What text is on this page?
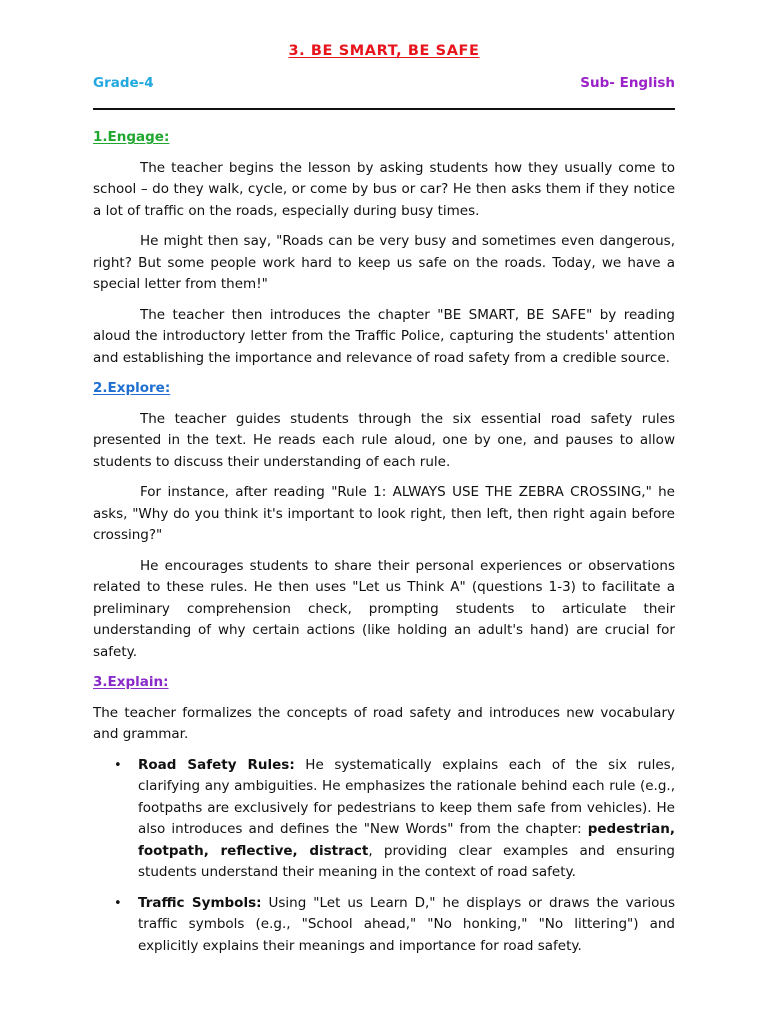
3. BE SMART, BE SAFE
Grade-4	Sub- English
1.Engage:

The teacher begins the lesson by asking students how they usually come to school – do they walk, cycle, or come by bus or car? He then asks them if they notice a lot of traffic on the roads, especially during busy times.

He might then say, "Roads can be very busy and sometimes even dangerous, right? But some people work hard to keep us safe on the roads. Today, we have a special letter from them!"

The teacher then introduces the chapter "BE SMART, BE SAFE" by reading aloud the introductory letter from the Traffic Police, capturing the students' attention and establishing the importance and relevance of road safety from a credible source.

2.Explore:

The teacher guides students through the six essential road safety rules presented in the text. He reads each rule aloud, one by one, and pauses to allow students to discuss their understanding of each rule.

For instance, after reading "Rule 1: ALWAYS USE THE ZEBRA CROSSING," he asks, "Why do you think it's important to look right, then left, then right again before crossing?"

He encourages students to share their personal experiences or observations related to these rules. He then uses "Let us Think A" (questions 1-3) to facilitate a preliminary comprehension check, prompting students to articulate their understanding of why certain actions (like holding an adult's hand) are crucial for safety.

3.Explain:

The teacher formalizes the concepts of road safety and introduces new vocabulary and grammar.

• Road Safety Rules: He systematically explains each of the six rules, clarifying any ambiguities. He emphasizes the rationale behind each rule (e.g., footpaths are exclusively for pedestrians to keep them safe from vehicles). He also introduces and defines the "New Words" from the chapter: pedestrian, footpath, reflective, distract, providing clear examples and ensuring students understand their meaning in the context of road safety.
• Traffic Symbols: Using "Let us Learn D," he displays or draws the various traffic symbols (e.g., "School ahead," "No honking," "No littering") and explicitly explains their meanings and importance for road safety.
